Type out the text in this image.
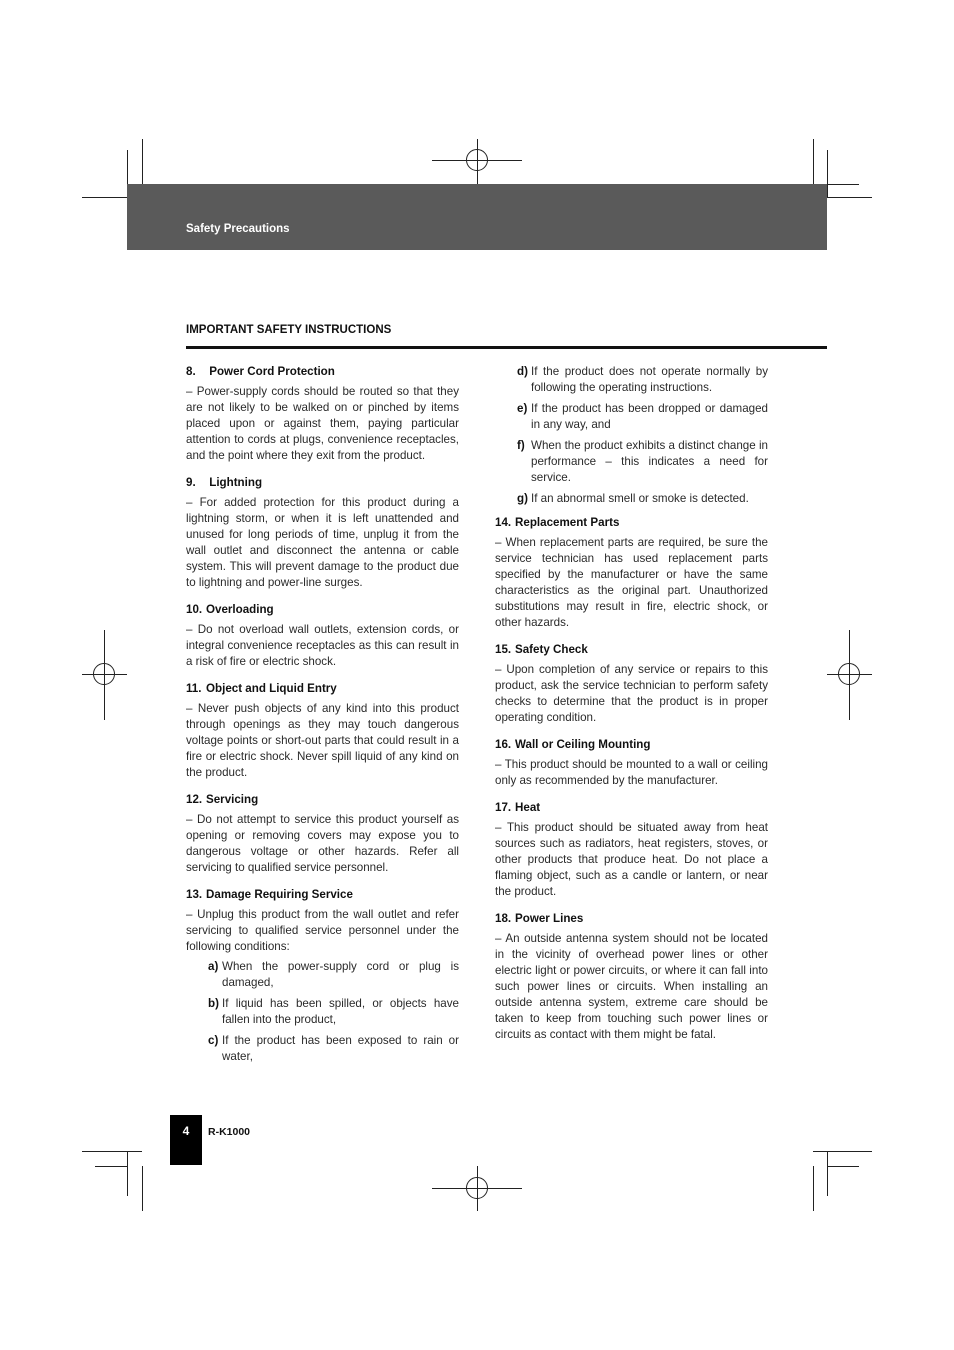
Safety Precautions
IMPORTANT SAFETY INSTRUCTIONS
8. Power Cord Protection
– Power-supply cords should be routed so that they are not likely to be walked on or pinched by items placed upon or against them, paying particular attention to cords at plugs, convenience receptacles, and the point where they exit from the product.
9. Lightning
– For added protection for this product during a lightning storm, or when it is left unattended and unused for long periods of time, unplug it from the wall outlet and disconnect the antenna or cable system. This will prevent damage to the product due to lightning and power-line surges.
10. Overloading
– Do not overload wall outlets, extension cords, or integral convenience receptacles as this can result in a risk of fire or electric shock.
11. Object and Liquid Entry
– Never push objects of any kind into this product through openings as they may touch dangerous voltage points or short-out parts that could result in a fire or electric shock. Never spill liquid of any kind on the product.
12. Servicing
– Do not attempt to service this product yourself as opening or removing covers may expose you to dangerous voltage or other hazards. Refer all servicing to qualified service personnel.
13. Damage Requiring Service
– Unplug this product from the wall outlet and refer servicing to qualified service personnel under the following conditions:
a) When the power-supply cord or plug is damaged,
b) If liquid has been spilled, or objects have fallen into the product,
c) If the product has been exposed to rain or water,
d) If the product does not operate normally by following the operating instructions.
e) If the product has been dropped or damaged in any way, and
f) When the product exhibits a distinct change in performance – this indicates a need for service.
g) If an abnormal smell or smoke is detected.
14. Replacement Parts
– When replacement parts are required, be sure the service technician has used replacement parts specified by the manufacturer or have the same characteristics as the original part. Unauthorized substitutions may result in fire, electric shock, or other hazards.
15. Safety Check
– Upon completion of any service or repairs to this product, ask the service technician to perform safety checks to determine that the product is in proper operating condition.
16. Wall or Ceiling Mounting
– This product should be mounted to a wall or ceiling only as recommended by the manufacturer.
17. Heat
– This product should be situated away from heat sources such as radiators, heat registers, stoves, or other products that produce heat. Do not place a flaming object, such as a candle or lantern, or near the product.
18. Power Lines
– An outside antenna system should not be located in the vicinity of overhead power lines or other electric light or power circuits, or where it can fall into such power lines or circuits. When installing an outside antenna system, extreme care should be taken to keep from touching such power lines or circuits as contact with them might be fatal.
4	R-K1000
